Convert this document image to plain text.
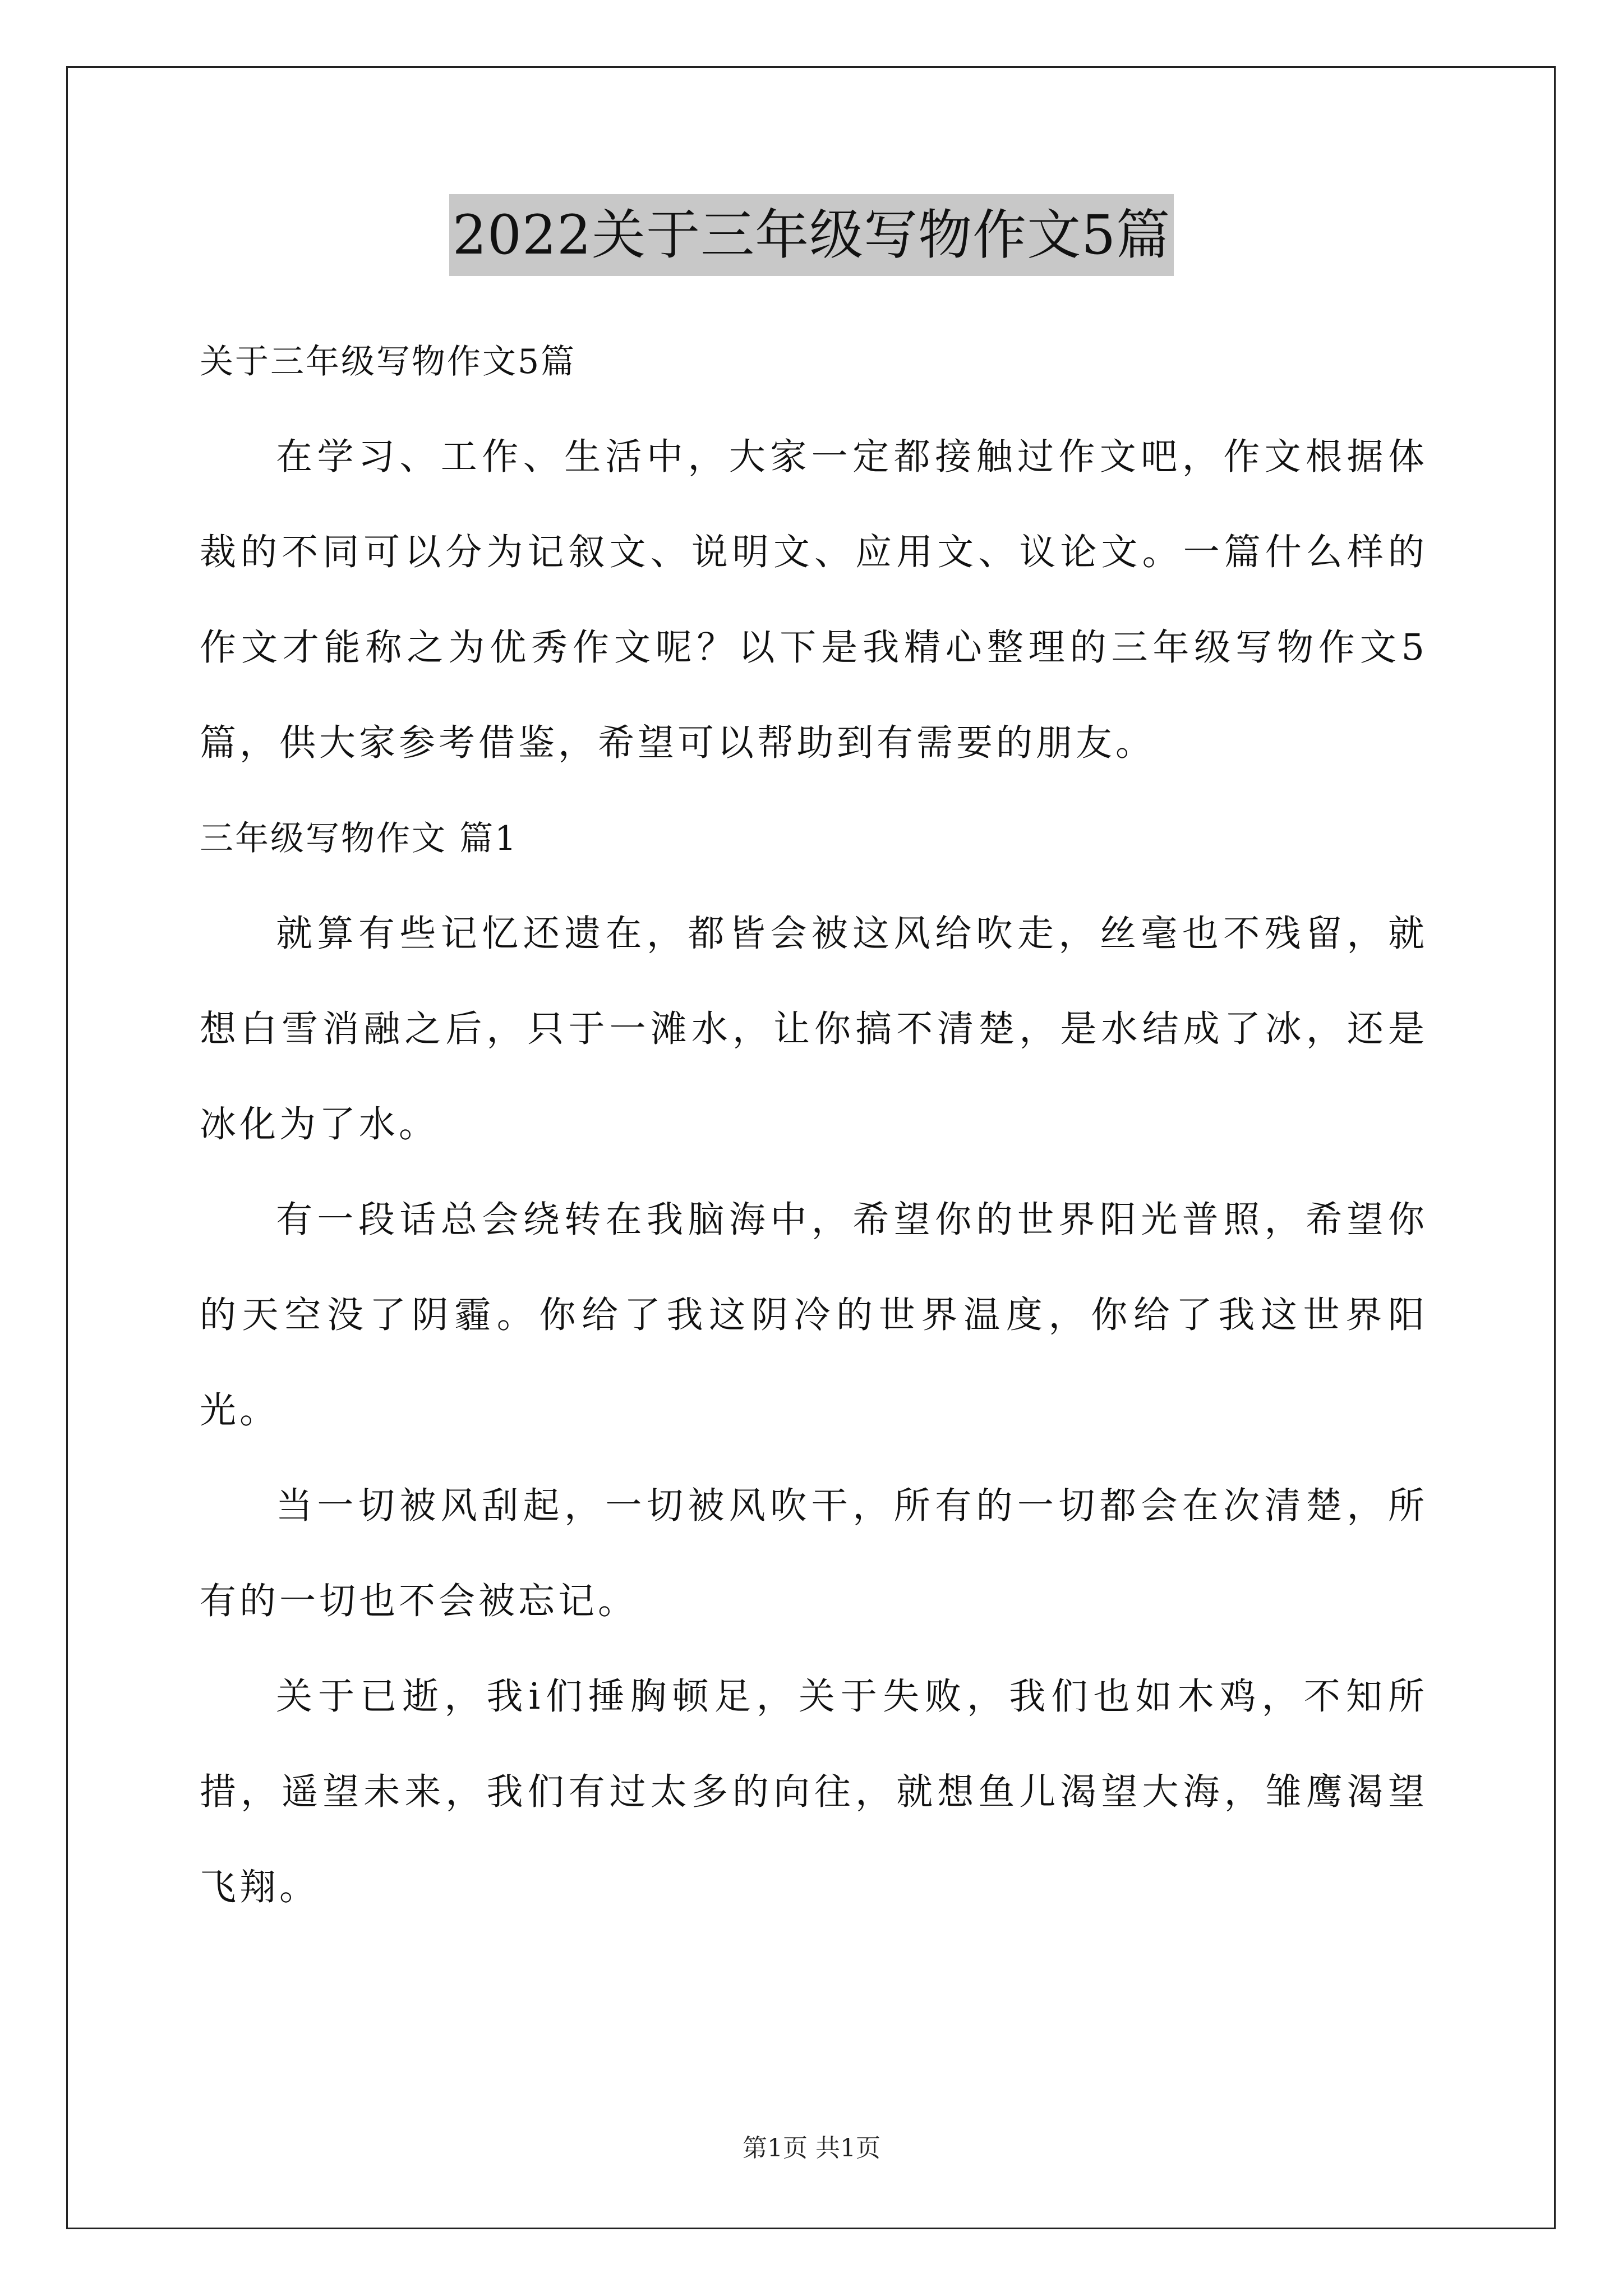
2022关于三年级写物作文5篇
关于三年级写物作文5篇

在学习、工作、生活中，大家一定都接触过作文吧，作文根据体裁的不同可以分为记叙文、说明文、应用文、议论文。一篇什么样的作文才能称之为优秀作文呢？以下是我精心整理的三年级写物作文5篇，供大家参考借鉴，希望可以帮助到有需要的朋友。

三年级写物作文 篇1

就算有些记忆还遗在，都皆会被这风给吹走，丝毫也不残留，就想白雪消融之后，只于一滩水，让你搞不清楚，是水结成了冰，还是冰化为了水。

有一段话总会绕转在我脑海中，希望你的世界阳光普照，希望你的天空没了阴霾。你给了我这阴冷的世界温度，你给了我这世界阳光。

当一切被风刮起，一切被风吹干，所有的一切都会在次清楚，所有的一切也不会被忘记。

关于已逝，我i们捶胸顿足，关于失败，我们也如木鸡，不知所措，遥望未来，我们有过太多的向往，就想鱼儿渴望大海，雏鹰渴望飞翔。

第1页 共1页
